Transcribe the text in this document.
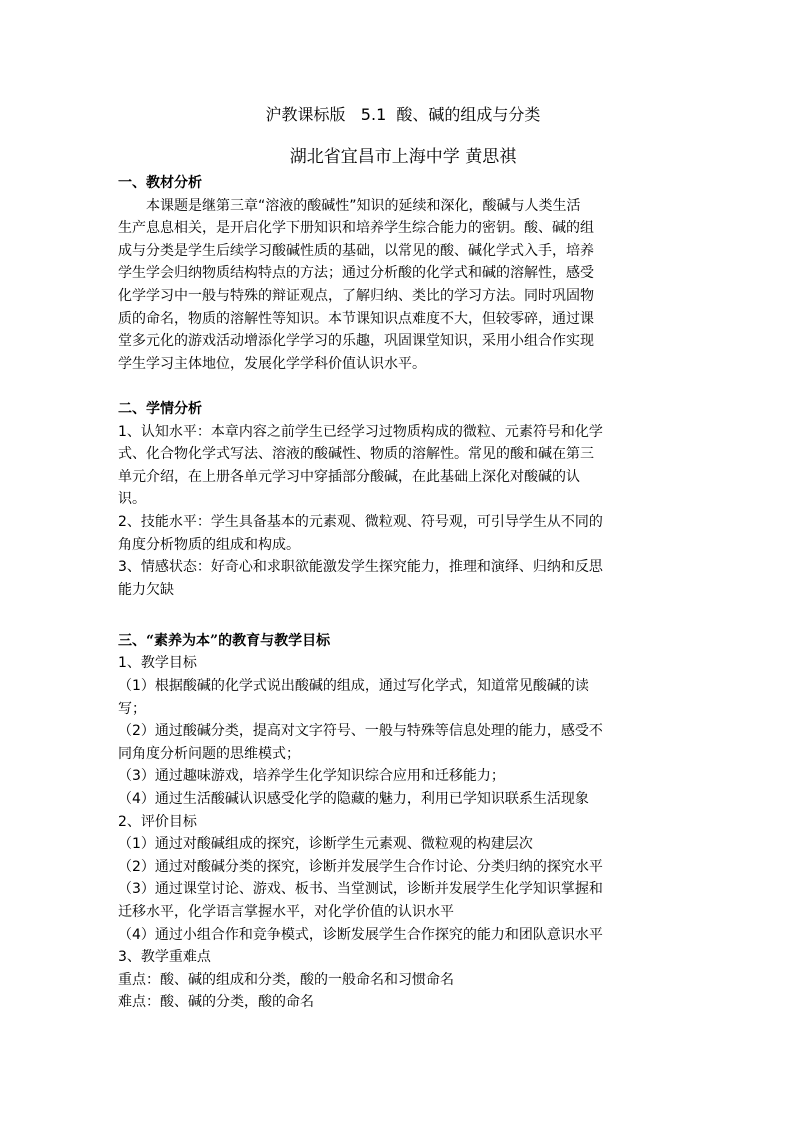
沪教课标版   5.1  酸、碱的组成与分类
湖北省宜昌市上海中学 黄思祺
一、教材分析
本课题是继第三章“溶液的酸碱性”知识的延续和深化，酸碱与人类生活
生产息息相关，是开启化学下册知识和培养学生综合能力的密钥。酸、碱的组
成与分类是学生后续学习酸碱性质的基础，以常见的酸、碱化学式入手，培养
学生学会归纳物质结构特点的方法；通过分析酸的化学式和碱的溶解性，感受
化学学习中一般与特殊的辩证观点，了解归纳、类比的学习方法。同时巩固物
质的命名，物质的溶解性等知识。本节课知识点难度不大，但较零碎，通过课
堂多元化的游戏活动增添化学学习的乐趣，巩固课堂知识，采用小组合作实现
学生学习主体地位，发展化学学科价值认识水平。
二、学情分析
1、认知水平：本章内容之前学生已经学习过物质构成的微粒、元素符号和化学
式、化合物化学式写法、溶液的酸碱性、物质的溶解性。常见的酸和碱在第三
单元介绍，在上册各单元学习中穿插部分酸碱，在此基础上深化对酸碱的认
识。
2、技能水平：学生具备基本的元素观、微粒观、符号观，可引导学生从不同的
角度分析物质的组成和构成。
3、情感状态：好奇心和求职欲能激发学生探究能力，推理和演绎、归纳和反思
能力欠缺
三、“素养为本”的教育与教学目标
1、教学目标
（1）根据酸碱的化学式说出酸碱的组成，通过写化学式，知道常见酸碱的读
写；
（2）通过酸碱分类，提高对文字符号、一般与特殊等信息处理的能力，感受不
同角度分析问题的思维模式；
（3）通过趣味游戏，培养学生化学知识综合应用和迁移能力；
（4）通过生活酸碱认识感受化学的隐藏的魅力，利用已学知识联系生活现象
2、评价目标
（1）通过对酸碱组成的探究，诊断学生元素观、微粒观的构建层次
（2）通过对酸碱分类的探究，诊断并发展学生合作讨论、分类归纳的探究水平
（3）通过课堂讨论、游戏、板书、当堂测试，诊断并发展学生化学知识掌握和
迁移水平，化学语言掌握水平，对化学价值的认识水平
（4）通过小组合作和竞争模式，诊断发展学生合作探究的能力和团队意识水平
3、教学重难点
重点：酸、碱的组成和分类，酸的一般命名和习惯命名
难点：酸、碱的分类，酸的命名
